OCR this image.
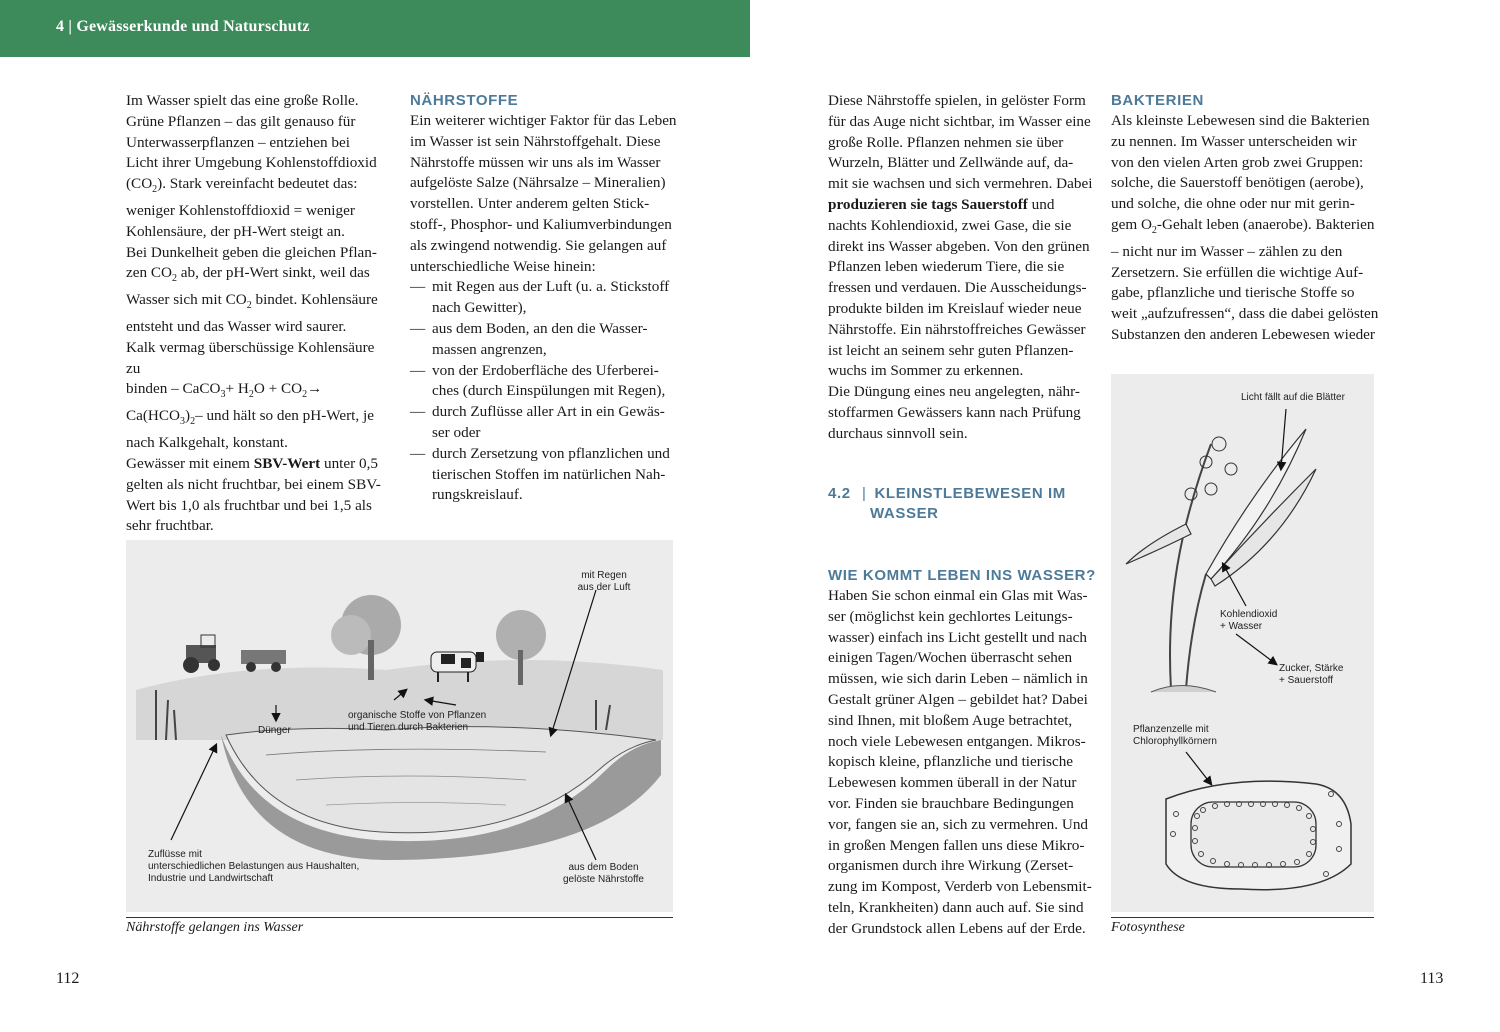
4 | Gewässerkunde und Naturschutz

Im Wasser spielt das eine große Rolle.

Grüne Pflanzen – das gilt genauso für

Unterwasserpflanzen – entziehen bei

Licht ihrer Umgebung Kohlenstoffdioxid

$(CO_2)$. Stark vereinfacht bedeutet das:

weniger Kohlenstoffdioxid = weniger

Kohlensäure, der pH-Wert steigt an.

Bei Dunkelheit geben die gleichen Pflan-

zen $CO_2$ ab, der pH-Wert sinkt, weil das

Wasser sich mit $CO_2$ bindet. Kohlensäure

entsteht und das Wasser wird saurer.

Kalk vermag überschüssige Kohlensäure zu

binden – CaCO$_3$+ $H_2O + CO_2\to$

$Ca(HCO_3)_2-$ und hält so den pH-Wert, je

nach Kalkgehalt, konstant.

Gewässer mit einem SBV-Wert unter 0,5

gelten als nicht fruchtbar, bei einem SBV-

Wert bis 1,0 als fruchtbar und bei 1,5 als

sehr fruchtbar.

NÄHRSTOFFE

Ein weiterer wichtiger Faktor für das Leben

im Wasser ist sein Nährstoffgehalt. Diese

Nährstoffe müssen wir uns als im Wasser

aufgelöste Salze (Nährsalze – Mineralien)

vorstellen. Unter anderem gelten Stick-

stoff-, Phosphor- und Kaliumverbindungen

als zwingend notwendig. Sie gelangen auf

unterschiedliche Weise hinein:

— mit Regen aus der Luft (u. a. Stickstoff
nach Gewitter),
— aus dem Boden, an den die Wasser-
massen angrenzen,
— von der Erdoberfläche des Uferberei-
ches (durch Einspülungen mit Regen),
— durch Zuflüsse aller Art in ein Gewäs-
ser oder
— durch Zersetzung von pflanzlichen und
tierischen Stoffen im natürlichen Nah-
rungskreislauf.
mit Regen
aus der Luft
organische Stoffe von Pflanzen
und Tieren durch Bakterien
Dünger
Zuflüsse mit
unterschiedlichen Belastungen aus Haushalten,
Industrie und Landwirtschaft
aus dem Boden
gelöste Nährstoffe
Nährstoffe gelangen ins Wasser
112

Diese Nährstoffe spielen, in gelöster Form

für das Auge nicht sichtbar, im Wasser eine

große Rolle. Pflanzen nehmen sie über

Wurzeln, Blätter und Zellwände auf, da-

mit sie wachsen und sich vermehren. Dabei

produzieren sie tags Sauerstoff und

nachts Kohlendioxid, zwei Gase, die sie

direkt ins Wasser abgeben. Von den grünen

Pflanzen leben wiederum Tiere, die sie

fressen und verdauen. Die Ausscheidungs-

produkte bilden im Kreislauf wieder neue

Nährstoffe. Ein nährstoffreiches Gewässer

ist leicht an seinem sehr guten Pflanzen-

wuchs im Sommer zu erkennen.

Die Düngung eines neu angelegten, nähr-

stoffarmen Gewässers kann nach Prüfung

durchaus sinnvoll sein.

4.2 | KLEINSTLEBEWESEN IM
WASSER
WIE KOMMT LEBEN INS WASSER?

Haben Sie schon einmal ein Glas mit Was-

ser (möglichst kein gechlortes Leitungs-

wasser) einfach ins Licht gestellt und nach

einigen Tagen/Wochen überrascht sehen

müssen, wie sich darin Leben – nämlich in

Gestalt grüner Algen – gebildet hat? Dabei

sind Ihnen, mit bloßem Auge betrachtet,

noch viele Lebewesen entgangen. Mikros-

kopisch kleine, pflanzliche und tierische

Lebewesen kommen überall in der Natur

vor. Finden sie brauchbare Bedingungen

vor, fangen sie an, sich zu vermehren. Und

in großen Mengen fallen uns diese Mikro-

organismen durch ihre Wirkung (Zerset-

zung im Kompost, Verderb von Lebensmit-

teln, Krankheiten) dann auch auf. Sie sind

der Grundstock allen Lebens auf der Erde.

BAKTERIEN

Als kleinste Lebewesen sind die Bakterien

zu nennen. Im Wasser unterscheiden wir

von den vielen Arten grob zwei Gruppen:

solche, die Sauerstoff benötigen (aerobe),

und solche, die ohne oder nur mit gerin-

gem $O_2$-Gehalt leben (anaerobe). Bakterien

– nicht nur im Wasser – zählen zu den

Zersetzern. Sie erfüllen die wichtige Auf-

gabe, pflanzliche und tierische Stoffe so

weit „aufzufressen“, dass die dabei gelösten

Substanzen den anderen Lebewesen wieder

Licht fällt auf die Blätter
Kohlendioxid
+ Wasser
Zucker, Stärke
+ Sauerstoff
Pflanzenzelle mit
Chlorophyllkörnern
Fotosynthese
113
